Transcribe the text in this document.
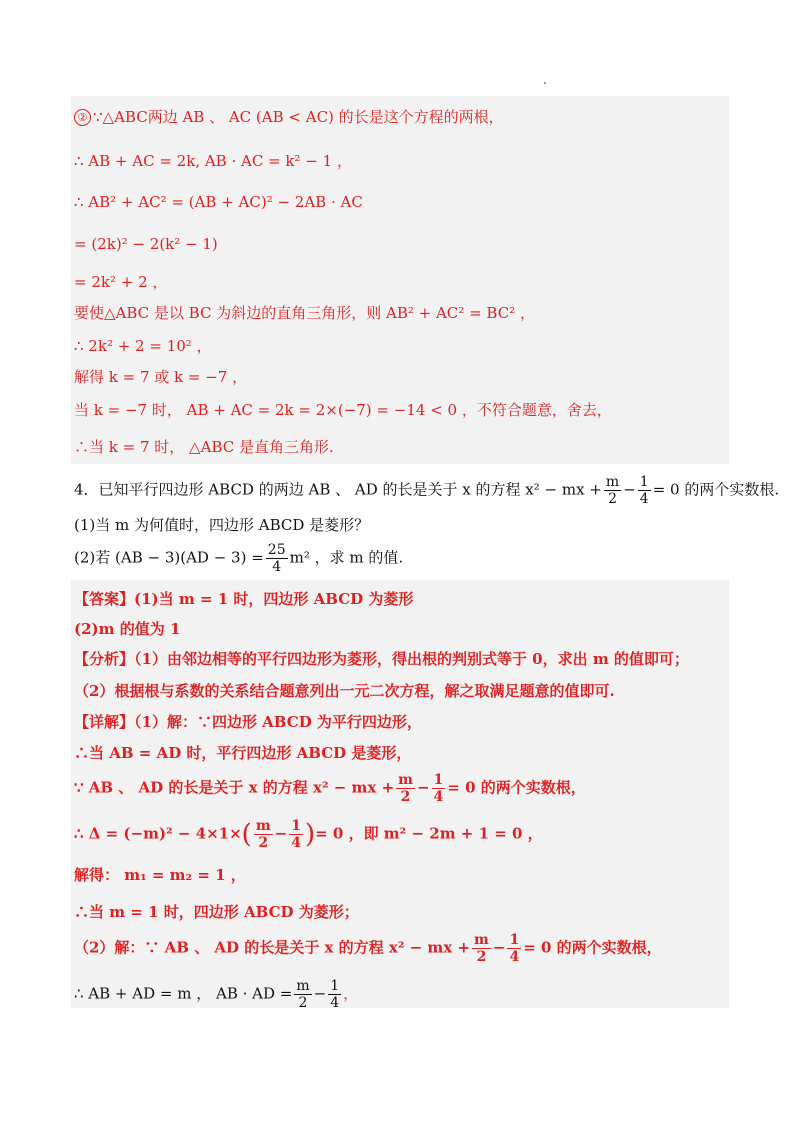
② ∵△ABC两边 AB 、 AC (AB < AC) 的长是这个方程的两根，
∴ AB + AC = 2k, AB · AC = k² − 1 ，
∴ AB² + AC² = (AB + AC)² − 2AB · AC
= (2k)² − 2(k² − 1)
= 2k² + 2 ，
要使△ABC 是以 BC 为斜边的直角三角形，则 AB² + AC² = BC² ，
∴ 2k² + 2 = 10² ，
解得 k = 7 或 k = −7 ，
当 k = −7 时， AB + AC = 2k = 2×(−7) = −14 < 0 ，不符合题意，舍去，
∴当 k = 7 时， △ABC 是直角三角形.
4．已知平行四边形 ABCD 的两边 AB 、 AD 的长是关于 x 的方程 x² − mx + $\frac{m}{2} - \frac{1}{4} = 0$ 的两个实数根.
(1)当 m 为何值时，四边形 ABCD 是菱形？
(2)若 $(AB - 3)(AD - 3) = \frac{25}{4} m^2$ ，求 m 的值.
【答案】(1)当 m = 1 时，四边形 ABCD 为菱形
(2)m 的值为 1
【分析】（1）由邻边相等的平行四边形为菱形，得出根的判别式等于 0，求出 m 的值即可；
（2）根据根与系数的关系结合题意列出一元二次方程，解之取满足题意的值即可.
【详解】（1）解：∵四边形 ABCD 为平行四边形，
∴当 AB = AD 时，平行四边形 ABCD 是菱形，
∵ AB 、 AD 的长是关于 x 的方程 x² − mx + $\frac{m}{2} - \frac{1}{4} = 0$ 的两个实数根，
∴ $\Delta = (-m)^2 - 4\times 1\times( \frac{m}{2} - \frac{1}{4}$ )= 0 ，即 m² − 2m + 1 = 0 ，
解得： m₁ = m₂ = 1 ，
∴当 m = 1 时，四边形 ABCD 为菱形；
（2）解：∵ AB 、 AD 的长是关于 x 的方程 x² − mx + $\frac{m}{2} - \frac{1}{4} = 0$ 的两个实数根，
∴ AB + AD = m ， AB · AD = $\frac{m}{2} - \frac{1}{4}$ ，
